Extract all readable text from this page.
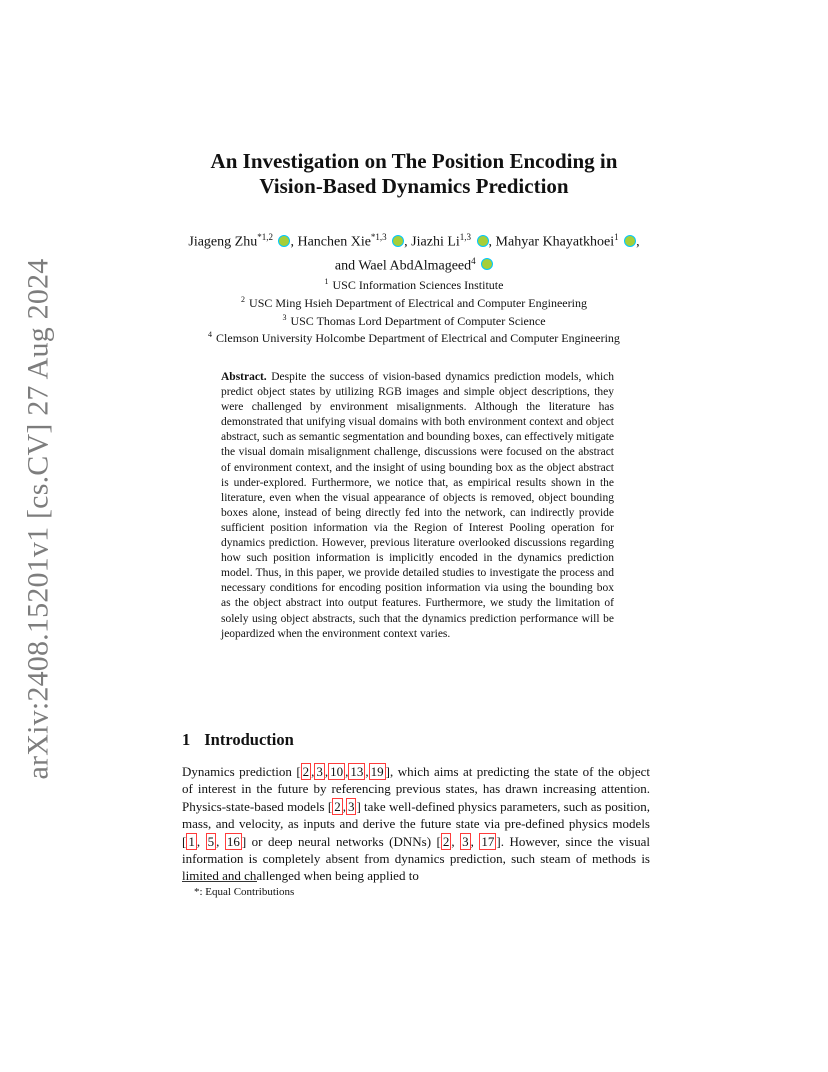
arXiv:2408.15201v1 [cs.CV] 27 Aug 2024
An Investigation on The Position Encoding in
Vision-Based Dynamics Prediction
Jiageng Zhu$^{*1,2}$ , Hanchen Xie$^{*1,3}$ , Jiazhi Li$^{1,3}$ , Mahyar Khayatkhoei$^1$ ,
and Wael AbdAlmageed$^4$
$^1$ USC Information Sciences Institute
$^2$ USC Ming Hsieh Department of Electrical and Computer Engineering
$^3$ USC Thomas Lord Department of Computer Science
$^4$ Clemson University Holcombe Department of Electrical and Computer Engineering
Abstract. Despite the success of vision-based dynamics prediction models, which predict object states by utilizing RGB images and simple object descriptions, they were challenged by environment misalignments. Although the literature has demonstrated that unifying visual domains with both environment context and object abstract, such as semantic segmentation and bounding boxes, can effectively mitigate the visual domain misalignment challenge, discussions were focused on the abstract of environment context, and the insight of using bounding box as the object abstract is under-explored. Furthermore, we notice that, as empirical results shown in the literature, even when the visual appearance of objects is removed, object bounding boxes alone, instead of being directly fed into the network, can indirectly provide sufficient position information via the Region of Interest Pooling operation for dynamics prediction. However, previous literature overlooked discussions regarding how such position information is implicitly encoded in the dynamics prediction model. Thus, in this paper, we provide detailed studies to investigate the process and necessary conditions for encoding position information via using the bounding box as the object abstract into output features. Furthermore, we study the limitation of solely using object abstracts, such that the dynamics prediction performance will be jeopardized when the environment context varies.
1 Introduction
Dynamics prediction [ 2 , 3 , 10 , 13 , 19 ], which aims at predicting the state of the object of interest in the future by referencing previous states, has drawn increasing attention. Physics-state-based models [ 2 , 3 ] take well-defined physics parameters, such as position, mass, and velocity, as inputs and derive the future state via pre-defined physics models [ 1 , 5 , 16 ] or deep neural networks (DNNs) [ 2 , 3 , 17 ]. However, since the visual information is completely absent from dynamics prediction, such steam of methods is limited and challenged when being applied to
*: Equal Contributions
